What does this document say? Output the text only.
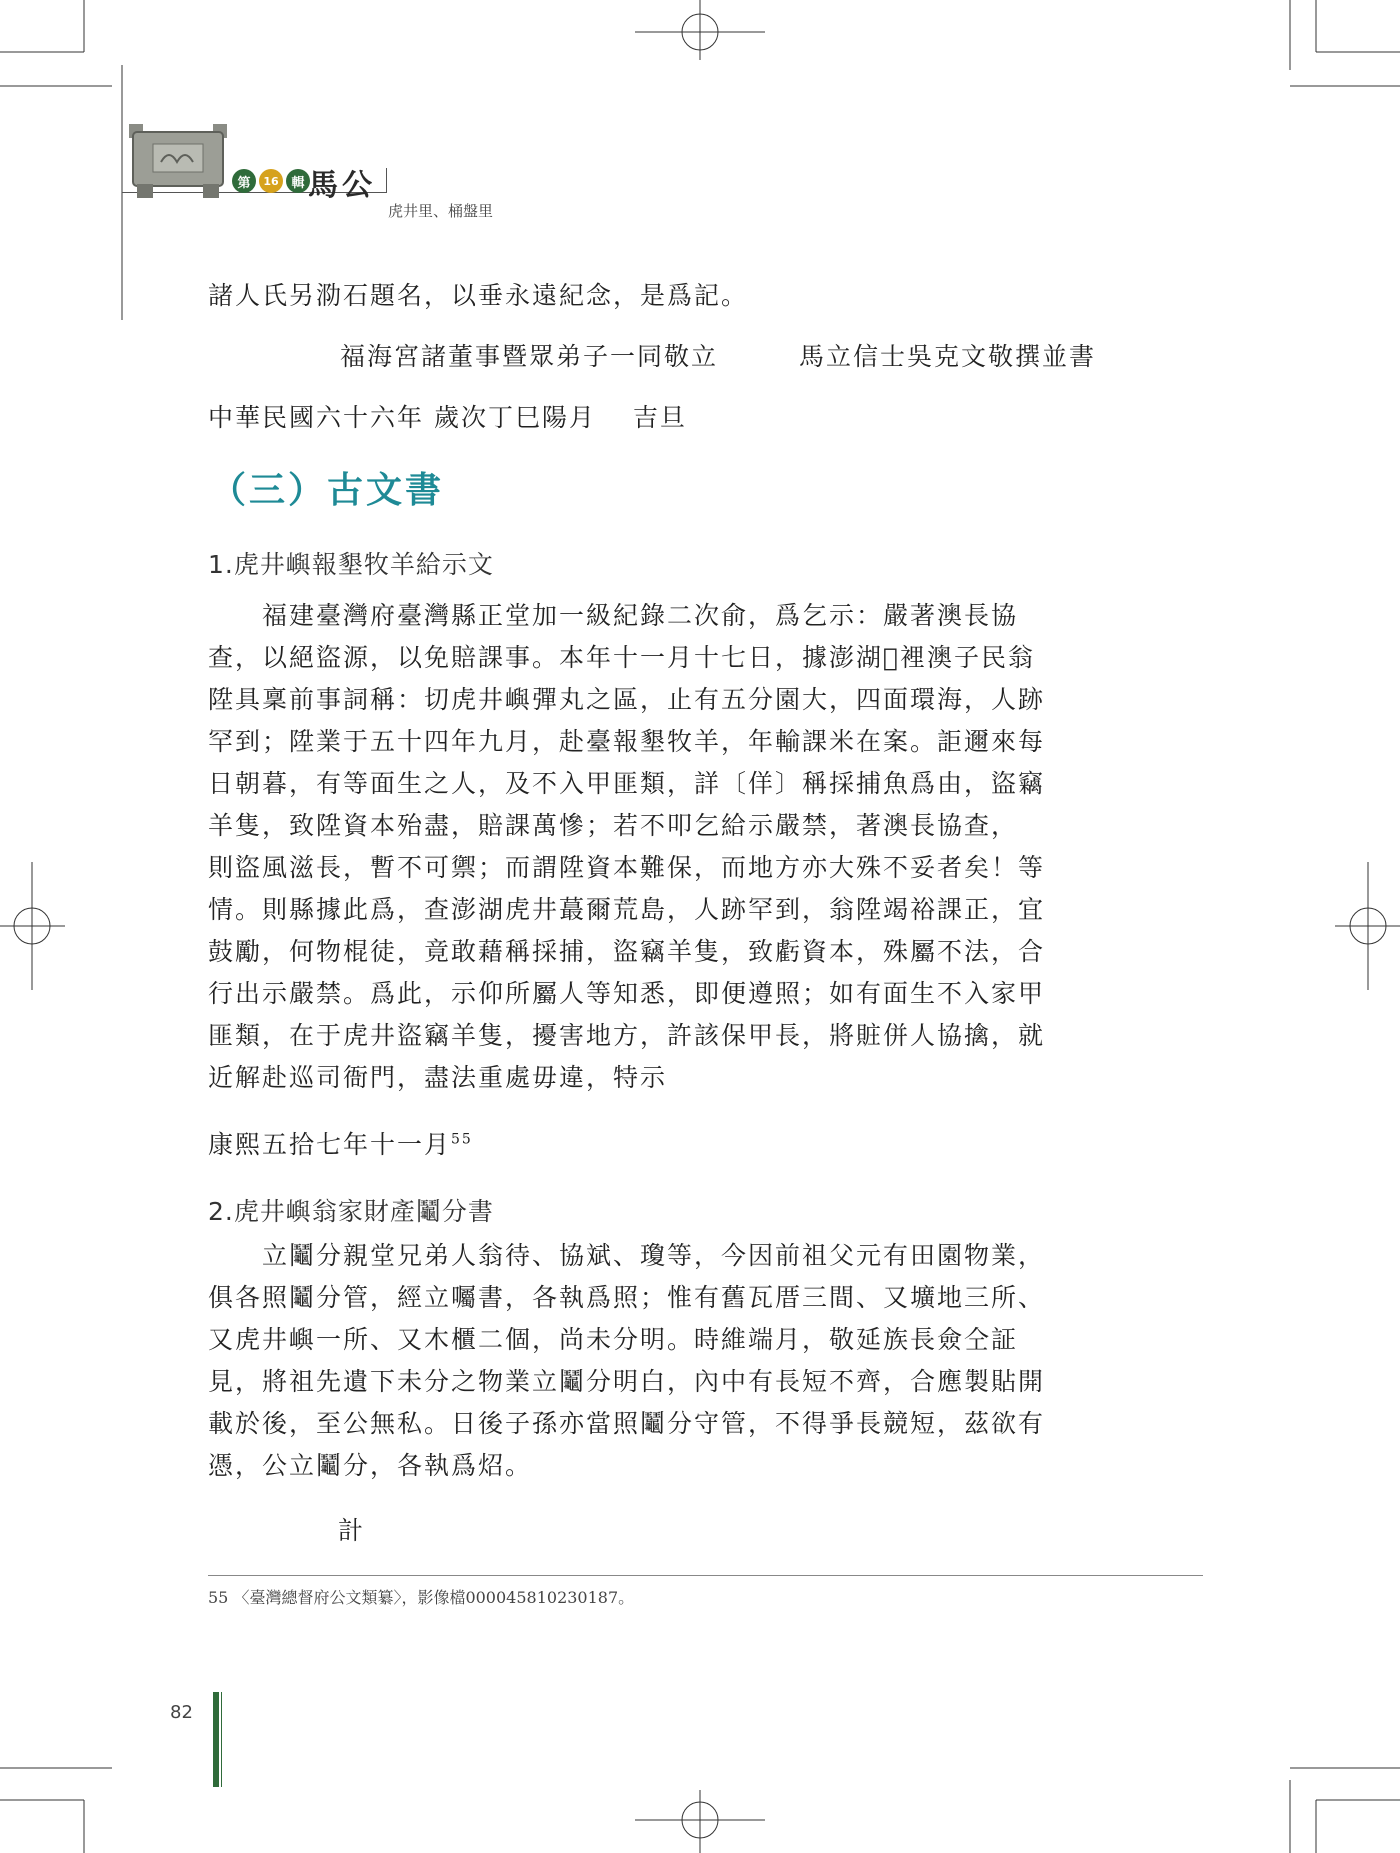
第	16 輯 馬公
虎井里、桶盤里
諸人氏另泐石題名，以垂永遠紀念，是爲記。
福海宮諸董事暨眾弟子一同敬立　　　馬立信士吳克文敬撰並書
中華民國六十六年 歲次丁巳陽月　 吉旦
（三）古文書
1.虎井嶼報墾牧羊給示文
　　福建臺灣府臺灣縣正堂加一級紀錄二次俞，爲乞示：嚴著澳長協
查，以絕盜源，以免賠課事。本年十一月十七日，據澎湖𡶛裡澳子民翁
陞具稟前事詞稱：切虎井嶼彈丸之區，止有五分園大，四面環海，人跡
罕到；陞業于五十四年九月，赴臺報墾牧羊，年輸課米在案。詎邇來每
日朝暮，有等面生之人，及不入甲匪類，詳〔佯〕稱採捕魚爲由，盜竊
羊隻，致陞資本殆盡，賠課萬慘；若不叩乞給示嚴禁，著澳長協查，
則盜風滋長，暫不可禦；而謂陞資本難保，而地方亦大殊不妥者矣！等
情。則縣據此爲，查澎湖虎井蕞爾荒島，人跡罕到，翁陞竭裕課正，宜
鼓勵，何物棍徒，竟敢藉稱採捕，盜竊羊隻，致虧資本，殊屬不法，合
行出示嚴禁。爲此，示仰所屬人等知悉，即便遵照；如有面生不入家甲
匪類，在于虎井盜竊羊隻，擾害地方，許該保甲長，將賍併人協擒，就
近解赴巡司衙門，盡法重處毋違，特示
康熙五拾七年十一月$^{55}$
2.虎井嶼翁家財產鬮分書
　　立鬮分親堂兄弟人翁待、協斌、瓊等，今因前祖父元有田園物業，
俱各照鬮分管，經立囑書，各執爲照；惟有舊瓦厝三間、又壙地三所、
又虎井嶼一所、又木櫃二個，尚未分明。時維端月，敬延族長僉仝証
見，將祖先遺下未分之物業立鬮分明白，內中有長短不齊，合應製貼開
載於後，至公無私。日後子孫亦當照鬮分守管，不得爭長競短，茲欲有
憑，公立鬮分，各執爲炤。
計
55 〈臺灣總督府公文類纂〉，影像檔000045810230187。
82
